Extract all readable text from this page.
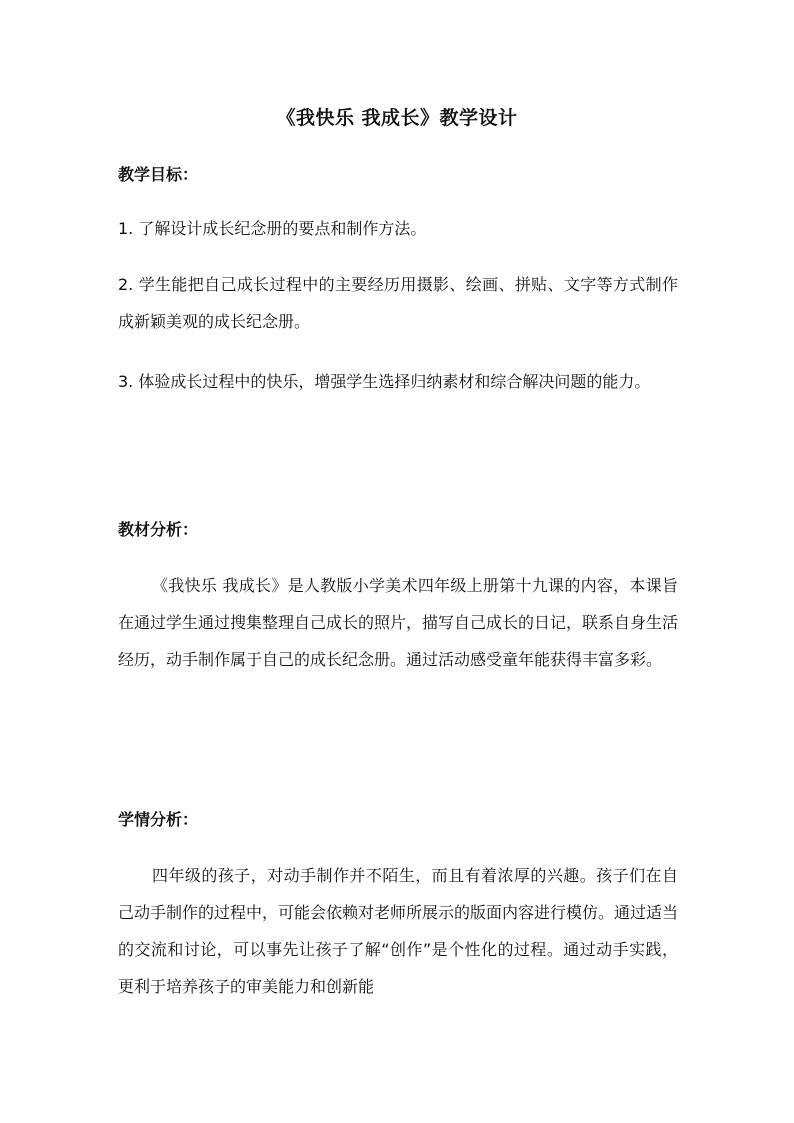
《我快乐 我成长》教学设计
教学目标：
1. 了解设计成长纪念册的要点和制作方法。
2. 学生能把自己成长过程中的主要经历用摄影、绘画、拼贴、文字等方式制作成新颖美观的成长纪念册。
3. 体验成长过程中的快乐，增强学生选择归纳素材和综合解决问题的能力。
教材分析：
《我快乐 我成长》是人教版小学美术四年级上册第十九课的内容，本课旨在通过学生通过搜集整理自己成长的照片，描写自己成长的日记，联系自身生活经历，动手制作属于自己的成长纪念册。通过活动感受童年能获得丰富多彩。
学情分析：
四年级的孩子，对动手制作并不陌生，而且有着浓厚的兴趣。孩子们在自己动手制作的过程中，可能会依赖对老师所展示的版面内容进行模仿。通过适当的交流和讨论，可以事先让孩子了解“创作”是个性化的过程。通过动手实践，更利于培养孩子的审美能力和创新能
